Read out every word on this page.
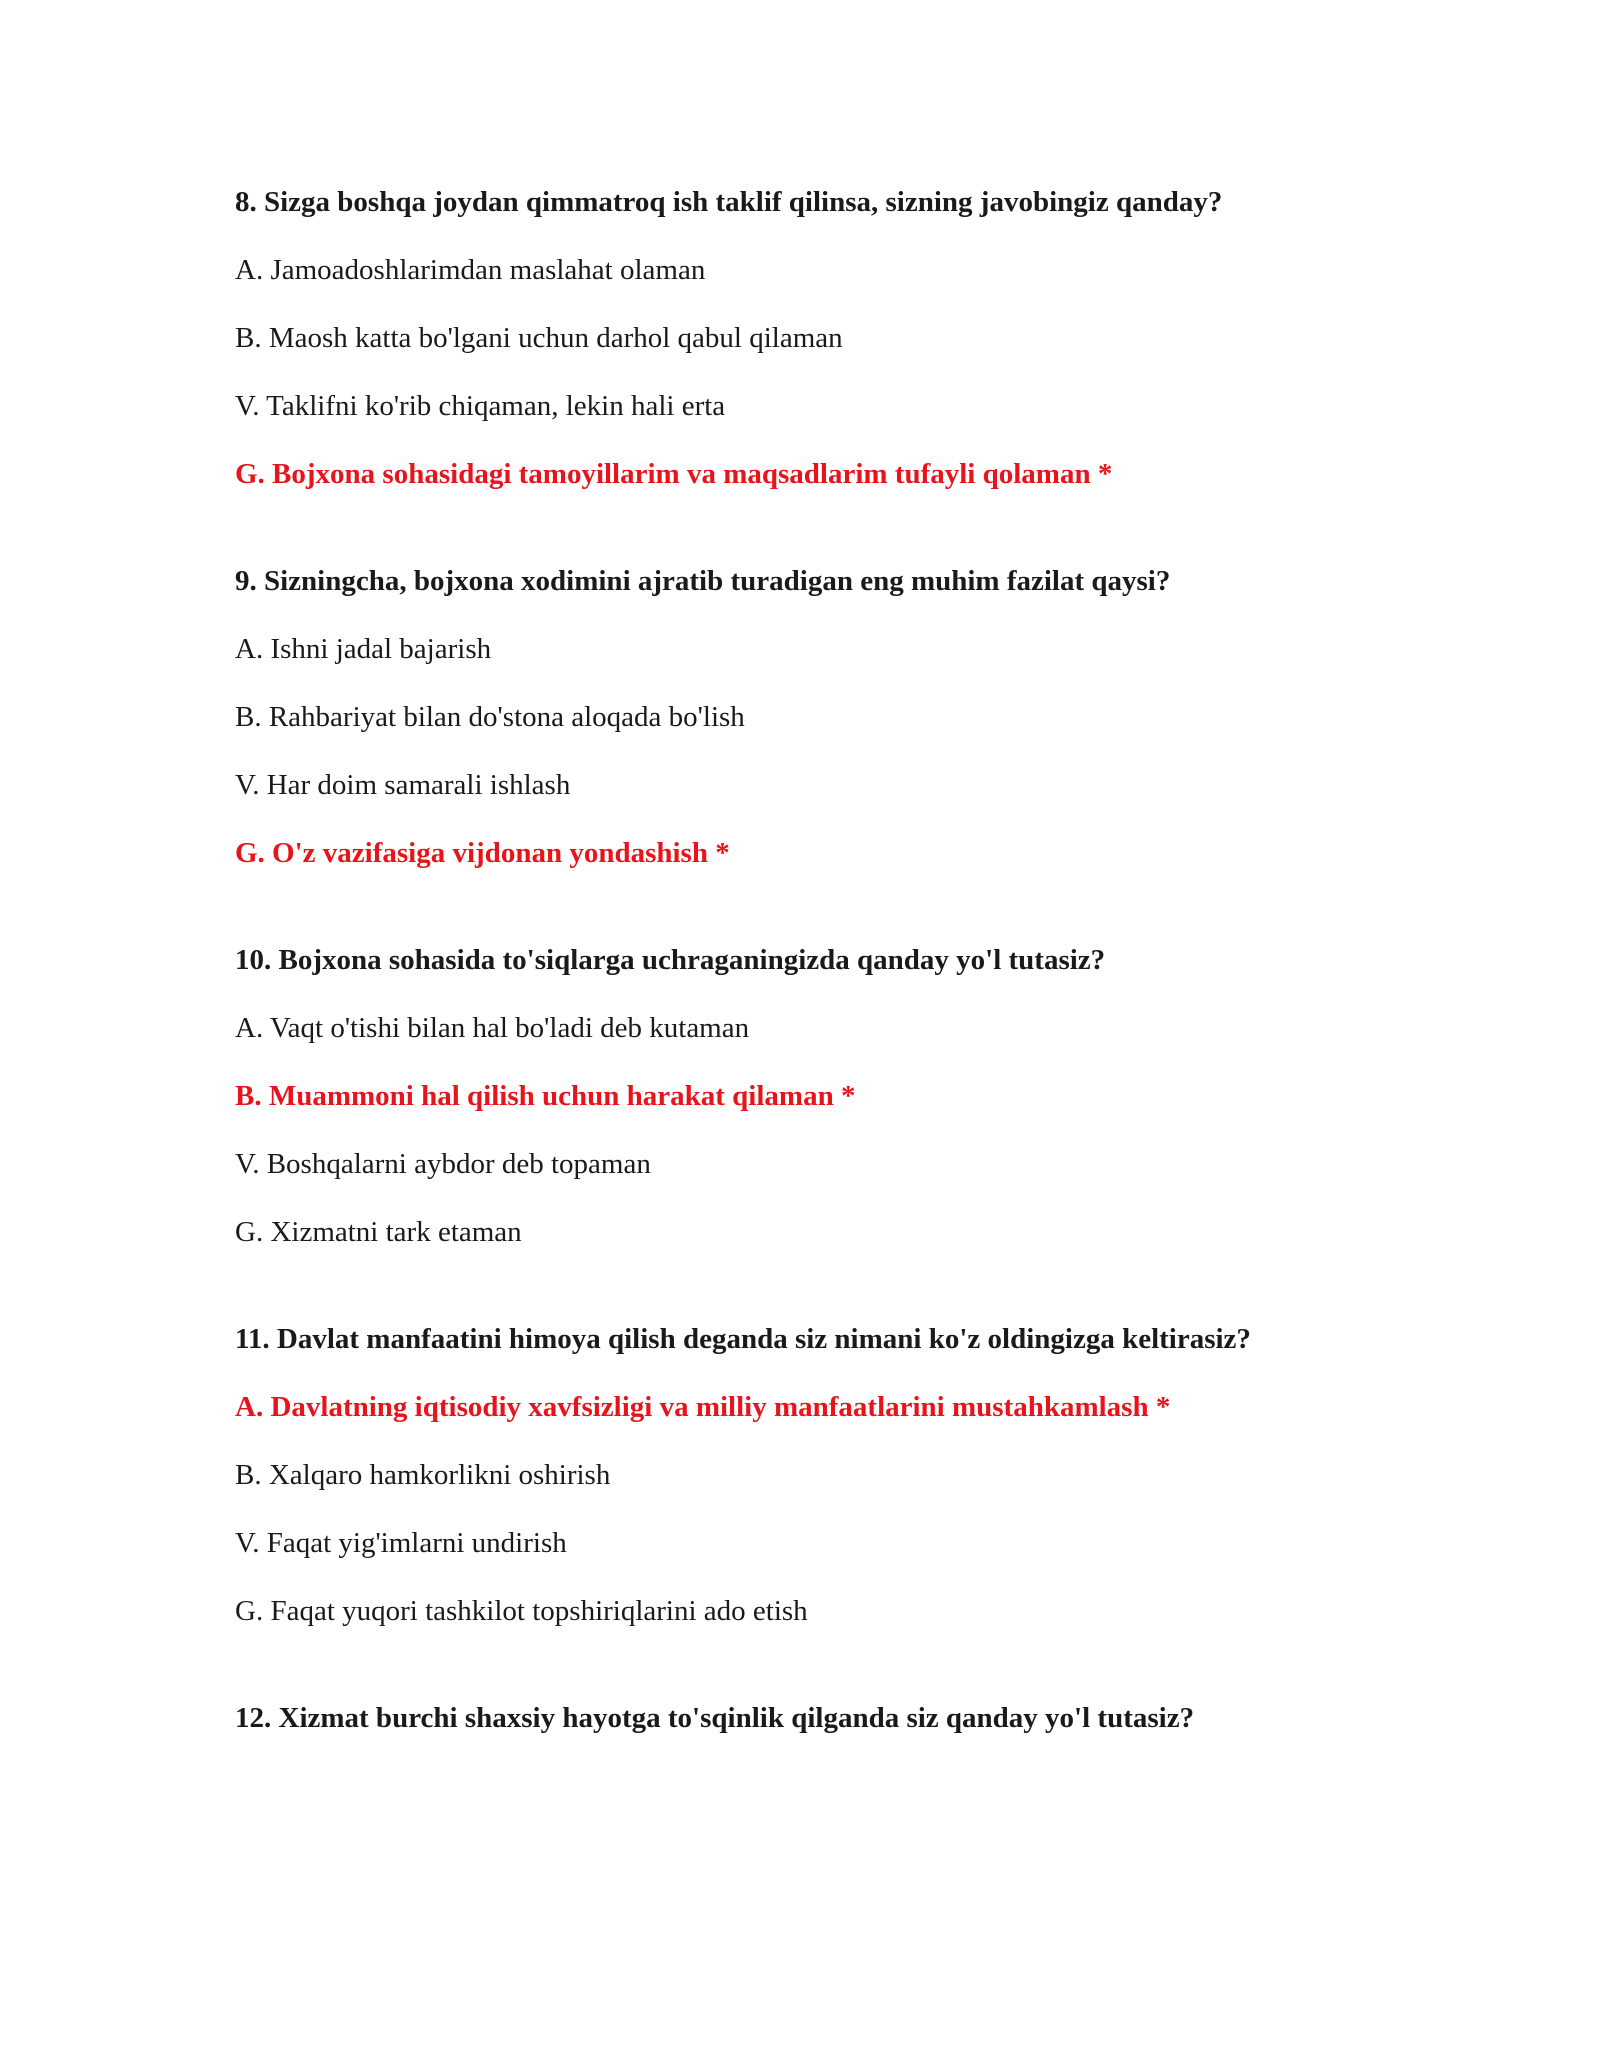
8. Sizga boshqa joydan qimmatroq ish taklif qilinsa, sizning javobingiz qanday?
A. Jamoadoshlarimdan maslahat olaman
B. Maosh katta bo'lgani uchun darhol qabul qilaman
V. Taklifni ko'rib chiqaman, lekin hali erta
G. Bojxona sohasidagi tamoyillarim va maqsadlarim tufayli qolaman *
9. Sizningcha, bojxona xodimini ajratib turadigan eng muhim fazilat qaysi?
A. Ishni jadal bajarish
B. Rahbariyat bilan do'stona aloqada bo'lish
V. Har doim samarali ishlash
G. O'z vazifasiga vijdonan yondashish *
10. Bojxona sohasida to'siqlarga uchraganingizda qanday yo'l tutasiz?
A. Vaqt o'tishi bilan hal bo'ladi deb kutaman
B. Muammoni hal qilish uchun harakat qilaman *
V. Boshqalarni aybdor deb topaman
G. Xizmatni tark etaman
11. Davlat manfaatini himoya qilish deganda siz nimani ko'z oldingizga keltirasiz?
A. Davlatning iqtisodiy xavfsizligi va milliy manfaatlarini mustahkamlash *
B. Xalqaro hamkorlikni oshirish
V. Faqat yig'imlarni undirish
G. Faqat yuqori tashkilot topshiriqlarini ado etish
12. Xizmat burchi shaxsiy hayotga to'sqinlik qilganda siz qanday yo'l tutasiz?
